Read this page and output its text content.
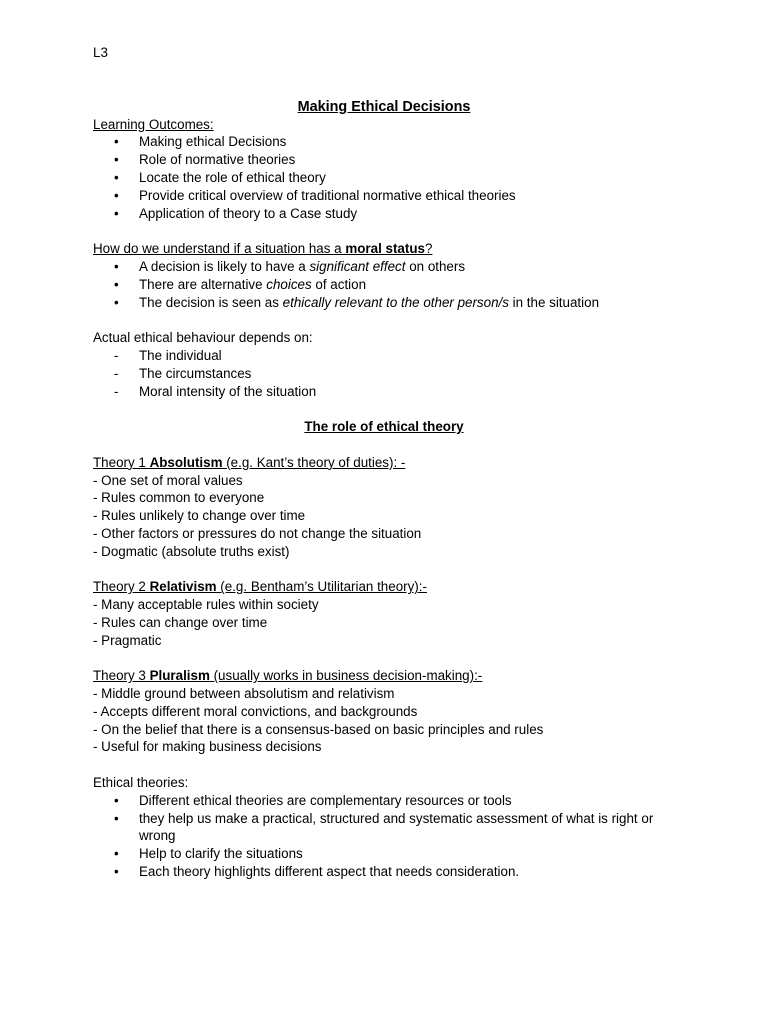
L3
Making Ethical Decisions
Learning Outcomes:
• Making ethical Decisions
• Role of normative theories
• Locate the role of ethical theory
• Provide critical overview of traditional normative ethical theories
• Application of theory to a Case study
How do we understand if a situation has a moral status?
• A decision is likely to have a significant effect on others
• There are alternative choices of action
• The decision is seen as ethically relevant to the other person/s in the situation
Actual ethical behaviour depends on:
- The individual
- The circumstances
- Moral intensity of the situation
The role of ethical theory
Theory 1 Absolutism (e.g. Kant’s theory of duties): -
- One set of moral values
- Rules common to everyone
- Rules unlikely to change over time
- Other factors or pressures do not change the situation
- Dogmatic (absolute truths exist)
Theory 2 Relativism (e.g. Bentham’s Utilitarian theory):-
- Many acceptable rules within society
- Rules can change over time
- Pragmatic
Theory 3 Pluralism (usually works in business decision-making):-
- Middle ground between absolutism and relativism
- Accepts different moral convictions, and backgrounds
- On the belief that there is a consensus-based on basic principles and rules
- Useful for making business decisions
Ethical theories:
• Different ethical theories are complementary resources or tools
• they help us make a practical, structured and systematic assessment of what is right or wrong
• Help to clarify the situations
• Each theory highlights different aspect that needs consideration.
